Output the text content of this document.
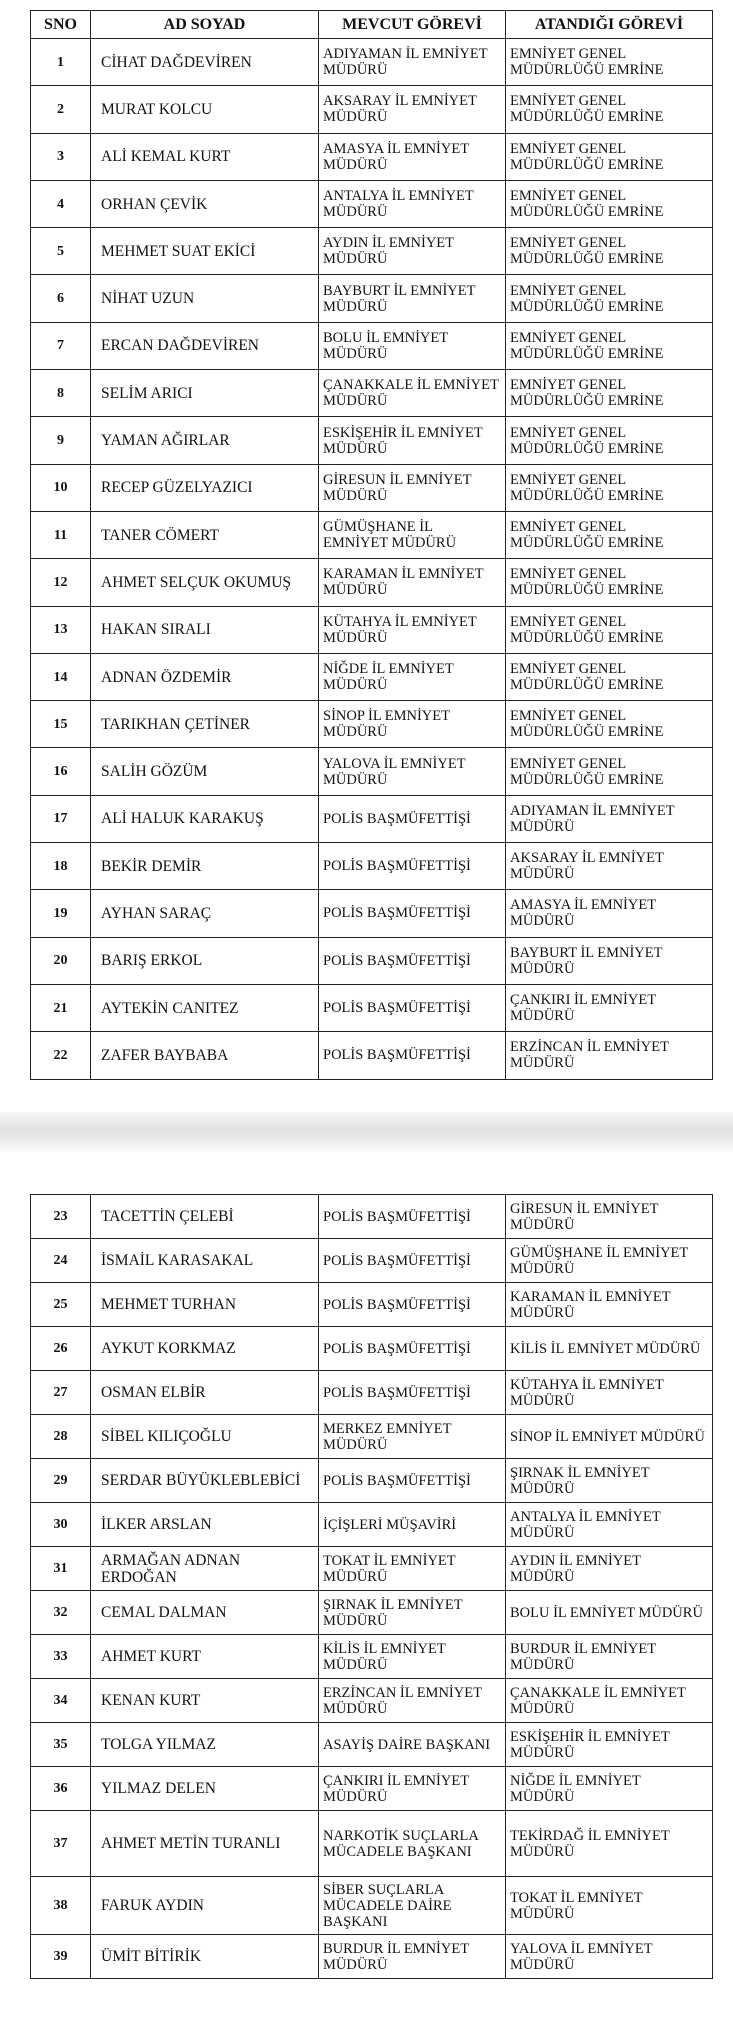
SNO	AD SOYAD	MEVCUT GÖREVİ	ATANDIĞI GÖREVİ
1	CİHAT DAĞDEVİREN	ADIYAMAN İL EMNİYET MÜDÜRÜ	EMNİYET GENEL MÜDÜRLÜĞÜ EMRİNE
2	MURAT KOLCU	AKSARAY İL EMNİYET MÜDÜRÜ	EMNİYET GENEL MÜDÜRLÜĞÜ EMRİNE
3	ALİ KEMAL KURT	AMASYA İL EMNİYET MÜDÜRÜ	EMNİYET GENEL MÜDÜRLÜĞÜ EMRİNE
4	ORHAN ÇEVİK	ANTALYA İL EMNİYET MÜDÜRÜ	EMNİYET GENEL MÜDÜRLÜĞÜ EMRİNE
5	MEHMET SUAT EKİCİ	AYDIN İL EMNİYET MÜDÜRÜ	EMNİYET GENEL MÜDÜRLÜĞÜ EMRİNE
6	NİHAT UZUN	BAYBURT İL EMNİYET MÜDÜRÜ	EMNİYET GENEL MÜDÜRLÜĞÜ EMRİNE
7	ERCAN DAĞDEVİREN	BOLU İL EMNİYET MÜDÜRÜ	EMNİYET GENEL MÜDÜRLÜĞÜ EMRİNE
8	SELİM ARICI	ÇANAKKALE İL EMNİYET MÜDÜRÜ	EMNİYET GENEL MÜDÜRLÜĞÜ EMRİNE
9	YAMAN AĞIRLAR	ESKİŞEHİR İL EMNİYET MÜDÜRÜ	EMNİYET GENEL MÜDÜRLÜĞÜ EMRİNE
10	RECEP GÜZELYAZICI	GİRESUN İL EMNİYET MÜDÜRÜ	EMNİYET GENEL MÜDÜRLÜĞÜ EMRİNE
11	TANER CÖMERT	GÜMÜŞHANE İL EMNİYET MÜDÜRÜ	EMNİYET GENEL MÜDÜRLÜĞÜ EMRİNE
12	AHMET SELÇUK OKUMUŞ	KARAMAN İL EMNİYET MÜDÜRÜ	EMNİYET GENEL MÜDÜRLÜĞÜ EMRİNE
13	HAKAN SIRALI	KÜTAHYA İL EMNİYET MÜDÜRÜ	EMNİYET GENEL MÜDÜRLÜĞÜ EMRİNE
14	ADNAN ÖZDEMİR	NİĞDE İL EMNİYET MÜDÜRÜ	EMNİYET GENEL MÜDÜRLÜĞÜ EMRİNE
15	TARIKHAN ÇETİNER	SİNOP İL EMNİYET MÜDÜRÜ	EMNİYET GENEL MÜDÜRLÜĞÜ EMRİNE
16	SALİH GÖZÜM	YALOVA İL EMNİYET MÜDÜRÜ	EMNİYET GENEL MÜDÜRLÜĞÜ EMRİNE
17	ALİ HALUK KARAKUŞ	POLİS BAŞMÜFETTİŞİ	ADIYAMAN İL EMNİYET MÜDÜRÜ
18	BEKİR DEMİR	POLİS BAŞMÜFETTİŞİ	AKSARAY İL EMNİYET MÜDÜRÜ
19	AYHAN SARAÇ	POLİS BAŞMÜFETTİŞİ	AMASYA İL EMNİYET MÜDÜRÜ
20	BARIŞ ERKOL	POLİS BAŞMÜFETTİŞİ	BAYBURT İL EMNİYET MÜDÜRÜ
21	AYTEKİN CANITEZ	POLİS BAŞMÜFETTİŞİ	ÇANKIRI İL EMNİYET MÜDÜRÜ
22	ZAFER BAYBABA	POLİS BAŞMÜFETTİŞİ	ERZİNCAN İL EMNİYET MÜDÜRÜ
23	TACETTİN ÇELEBİ	POLİS BAŞMÜFETTİŞİ	GİRESUN İL EMNİYET MÜDÜRÜ
24	İSMAİL KARASAKAL	POLİS BAŞMÜFETTİŞİ	GÜMÜŞHANE İL EMNİYET MÜDÜRÜ
25	MEHMET TURHAN	POLİS BAŞMÜFETTİŞİ	KARAMAN İL EMNİYET MÜDÜRÜ
26	AYKUT KORKMAZ	POLİS BAŞMÜFETTİŞİ	KİLİS İL EMNİYET MÜDÜRÜ
27	OSMAN ELBİR	POLİS BAŞMÜFETTİŞİ	KÜTAHYA İL EMNİYET MÜDÜRÜ
28	SİBEL KILIÇOĞLU	MERKEZ EMNİYET MÜDÜRÜ	SİNOP İL EMNİYET MÜDÜRÜ
29	SERDAR BÜYÜKLEBLEBİCİ	POLİS BAŞMÜFETTİŞİ	ŞIRNAK İL EMNİYET MÜDÜRÜ
30	İLKER ARSLAN	İÇİŞLERİ MÜŞAVİRİ	ANTALYA İL EMNİYET MÜDÜRÜ
31	ARMAĞAN ADNAN ERDOĞAN	TOKAT İL EMNİYET MÜDÜRÜ	AYDIN İL EMNİYET MÜDÜRÜ
32	CEMAL DALMAN	ŞIRNAK İL EMNİYET MÜDÜRÜ	BOLU İL EMNİYET MÜDÜRÜ
33	AHMET KURT	KİLİS İL EMNİYET MÜDÜRÜ	BURDUR İL EMNİYET MÜDÜRÜ
34	KENAN KURT	ERZİNCAN İL EMNİYET MÜDÜRÜ	ÇANAKKALE İL EMNİYET MÜDÜRÜ
35	TOLGA YILMAZ	ASAYİŞ DAİRE BAŞKANI	ESKİŞEHİR İL EMNİYET MÜDÜRÜ
36	YILMAZ DELEN	ÇANKIRI İL EMNİYET MÜDÜRÜ	NİĞDE İL EMNİYET MÜDÜRÜ
37	AHMET METİN TURANLI	NARKOTİK SUÇLARLA MÜCADELE BAŞKANI	TEKİRDAĞ İL EMNİYET MÜDÜRÜ
38	FARUK AYDIN	SİBER SUÇLARLA MÜCADELE DAİRE BAŞKANI	TOKAT İL EMNİYET MÜDÜRÜ
39	ÜMİT BİTİRİK	BURDUR İL EMNİYET MÜDÜRÜ	YALOVA İL EMNİYET MÜDÜRÜ
